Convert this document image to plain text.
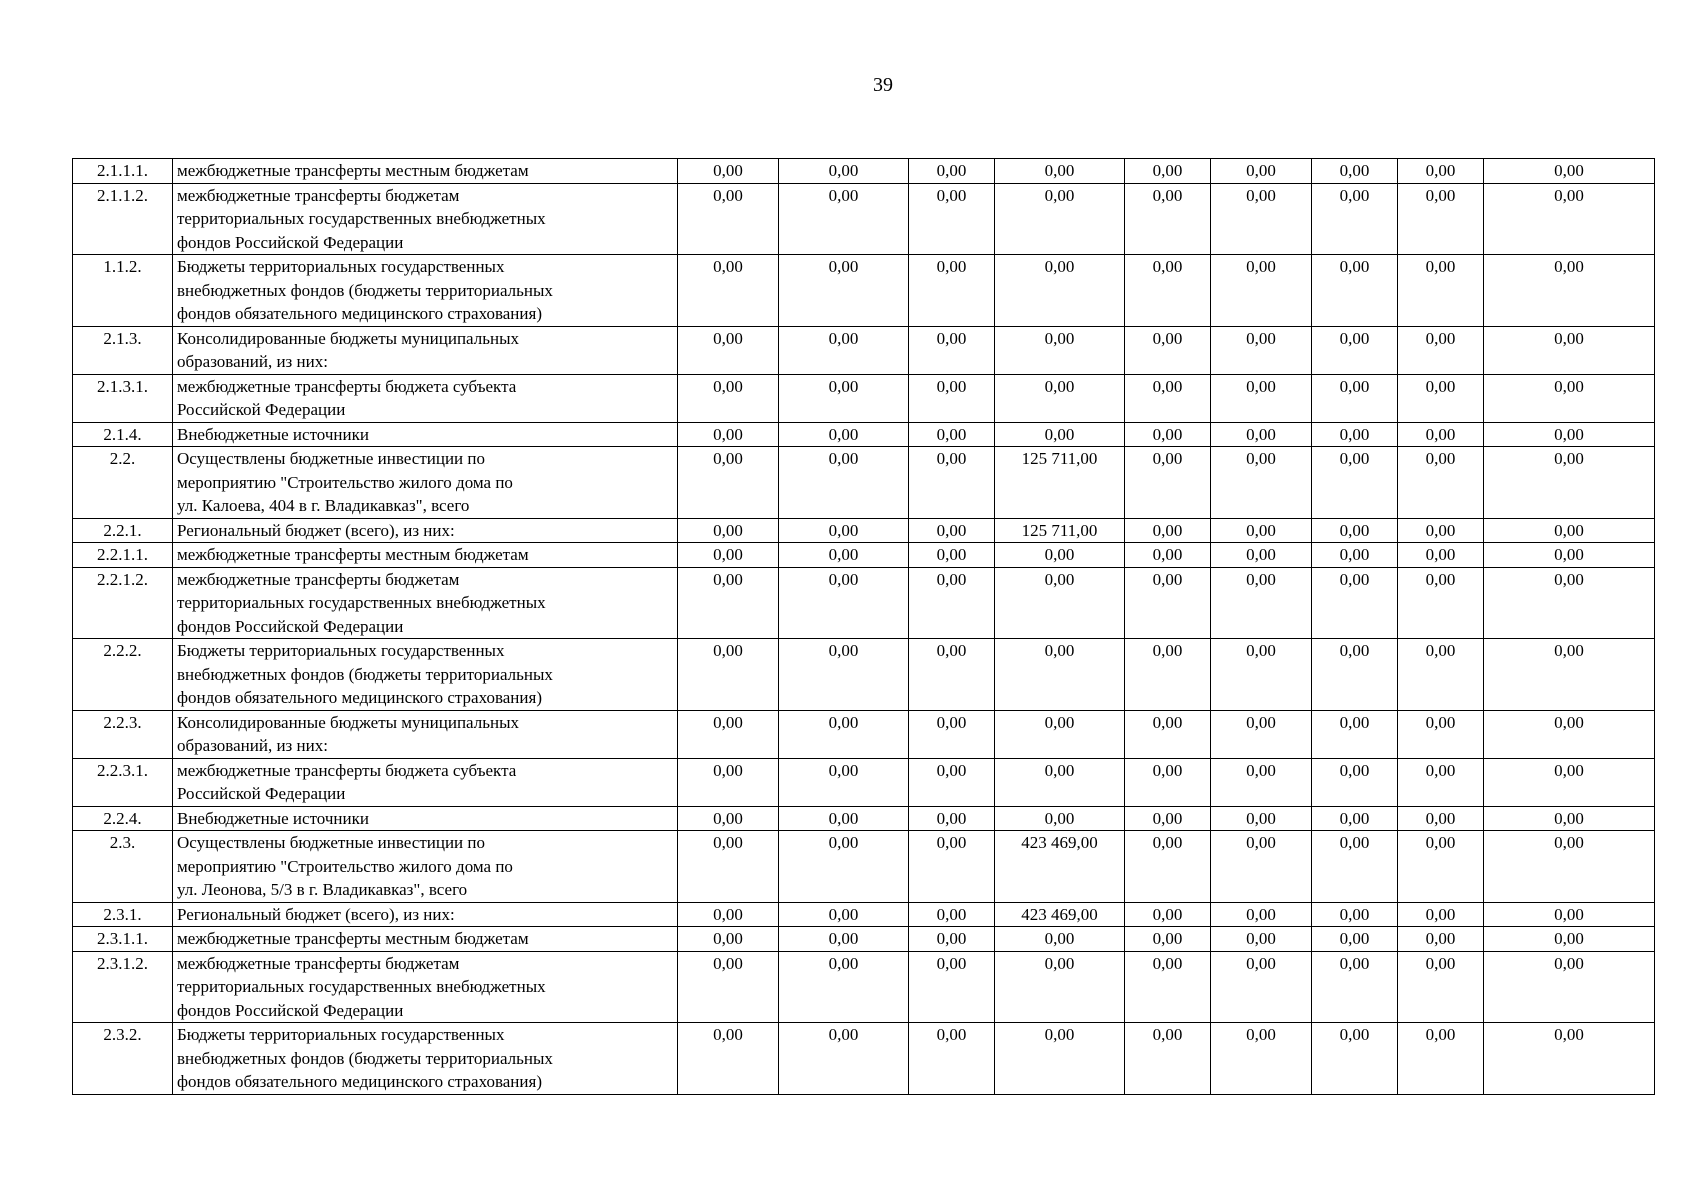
39
2.1.1.1.	межбюджетные трансферты местным бюджетам	0,00	0,00	0,00	0,00	0,00	0,00	0,00	0,00	0,00
2.1.1.2.	межбюджетные трансферты бюджетам
территориальных государственных внебюджетных
фондов Российской Федерации	0,00	0,00	0,00	0,00	0,00	0,00	0,00	0,00	0,00
1.1.2.	Бюджеты территориальных государственных
внебюджетных фондов (бюджеты территориальных
фондов обязательного медицинского страхования)	0,00	0,00	0,00	0,00	0,00	0,00	0,00	0,00	0,00
2.1.3.	Консолидированные бюджеты муниципальных
образований, из них:	0,00	0,00	0,00	0,00	0,00	0,00	0,00	0,00	0,00
2.1.3.1.	межбюджетные трансферты бюджета субъекта
Российской Федерации	0,00	0,00	0,00	0,00	0,00	0,00	0,00	0,00	0,00
2.1.4.	Внебюджетные источники	0,00	0,00	0,00	0,00	0,00	0,00	0,00	0,00	0,00
2.2.	Осуществлены бюджетные инвестиции по
мероприятию "Строительство жилого дома по
ул. Калоева, 404 в г. Владикавказ", всего	0,00	0,00	0,00	125 711,00	0,00	0,00	0,00	0,00	0,00
2.2.1.	Региональный бюджет (всего), из них:	0,00	0,00	0,00	125 711,00	0,00	0,00	0,00	0,00	0,00
2.2.1.1.	межбюджетные трансферты местным бюджетам	0,00	0,00	0,00	0,00	0,00	0,00	0,00	0,00	0,00
2.2.1.2.	межбюджетные трансферты бюджетам
территориальных государственных внебюджетных
фондов Российской Федерации	0,00	0,00	0,00	0,00	0,00	0,00	0,00	0,00	0,00
2.2.2.	Бюджеты территориальных государственных
внебюджетных фондов (бюджеты территориальных
фондов обязательного медицинского страхования)	0,00	0,00	0,00	0,00	0,00	0,00	0,00	0,00	0,00
2.2.3.	Консолидированные бюджеты муниципальных
образований, из них:	0,00	0,00	0,00	0,00	0,00	0,00	0,00	0,00	0,00
2.2.3.1.	межбюджетные трансферты бюджета субъекта
Российской Федерации	0,00	0,00	0,00	0,00	0,00	0,00	0,00	0,00	0,00
2.2.4.	Внебюджетные источники	0,00	0,00	0,00	0,00	0,00	0,00	0,00	0,00	0,00
2.3.	Осуществлены бюджетные инвестиции по
мероприятию "Строительство жилого дома по
ул. Леонова, 5/3 в г. Владикавказ", всего	0,00	0,00	0,00	423 469,00	0,00	0,00	0,00	0,00	0,00
2.3.1.	Региональный бюджет (всего), из них:	0,00	0,00	0,00	423 469,00	0,00	0,00	0,00	0,00	0,00
2.3.1.1.	межбюджетные трансферты местным бюджетам	0,00	0,00	0,00	0,00	0,00	0,00	0,00	0,00	0,00
2.3.1.2.	межбюджетные трансферты бюджетам
территориальных государственных внебюджетных
фондов Российской Федерации	0,00	0,00	0,00	0,00	0,00	0,00	0,00	0,00	0,00
2.3.2.	Бюджеты территориальных государственных
внебюджетных фондов (бюджеты территориальных
фондов обязательного медицинского страхования)	0,00	0,00	0,00	0,00	0,00	0,00	0,00	0,00	0,00
